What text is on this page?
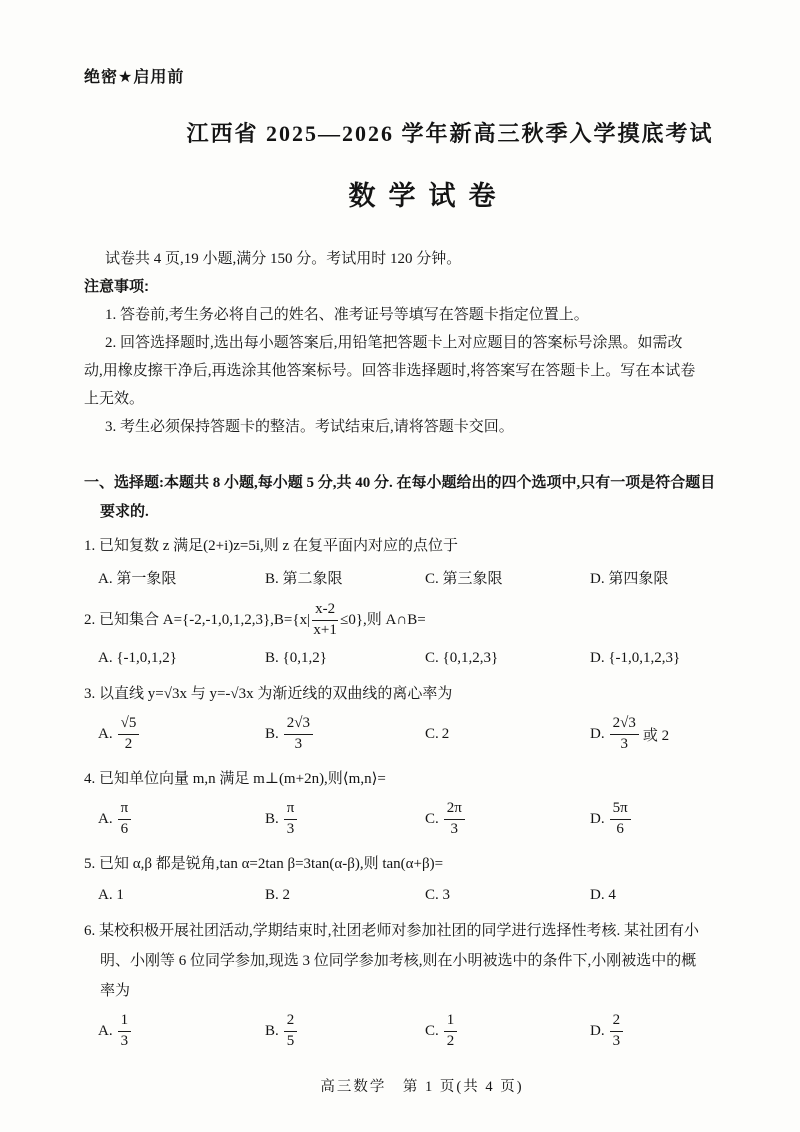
绝密★启用前
江西省 2025—2026 学年新高三秋季入学摸底考试
数学试卷
试卷共 4 页,19 小题,满分 150 分。考试用时 120 分钟。
注意事项:
1. 答卷前,考生务必将自己的姓名、准考证号等填写在答题卡指定位置上。
2. 回答选择题时,选出每小题答案后,用铅笔把答题卡上对应题目的答案标号涂黑。如需改
动,用橡皮擦干净后,再选涂其他答案标号。回答非选择题时,将答案写在答题卡上。写在本试卷
上无效。
3. 考生必须保持答题卡的整洁。考试结束后,请将答题卡交回。
一、选择题:本题共 8 小题,每小题 5 分,共 40 分. 在每小题给出的四个选项中,只有一项是符合题目
要求的.
1. 已知复数 z 满足(2+i)z=5i,则 z 在复平面内对应的点位于
A. 第一象限	B. 第二象限	C. 第三象限	D. 第四象限
2. 已知集合 $A=\{-2,-1,0,1,2,3\},B= \{x| \frac{x-2}{x+1} \le 0\}$,则 A∩B=
A. {-1,0,1,2}	B. {0,1,2}	C. {0,1,2,3}	D. {-1,0,1,2,3}
3. 以直线 y=√3x 与 y=-√3x 为渐近线的双曲线的离心率为
A. $\frac{√5}{2}$	B. $\frac{2√3}{3}$	C. 2	D. $\frac{2√3}{3}$ 或 2
4. 已知单位向量 m,n 满足 m⊥(m+2n),则⟨m,n⟩=
A. $\frac{\pi}{6}$	B. $\frac{\pi}{3}$	C. $\frac{2\pi}{3}$	D. $\frac{5\pi}{6}$
5. 已知 α,β 都是锐角,tan α=2tan β=3tan(α-β),则 tan(α+β)=
A. 1	B. 2	C. 3	D. 4
6. 某校积极开展社团活动,学期结束时,社团老师对参加社团的同学进行选择性考核. 某社团有小
明、小刚等 6 位同学参加,现选 3 位同学参加考核,则在小明被选中的条件下,小刚被选中的概
率为
A. $\frac{1}{3}$	B. $\frac{2}{5}$	C. $\frac{1}{2}$	D. $\frac{2}{3}$
高三数学　第 1 页(共 4 页)
